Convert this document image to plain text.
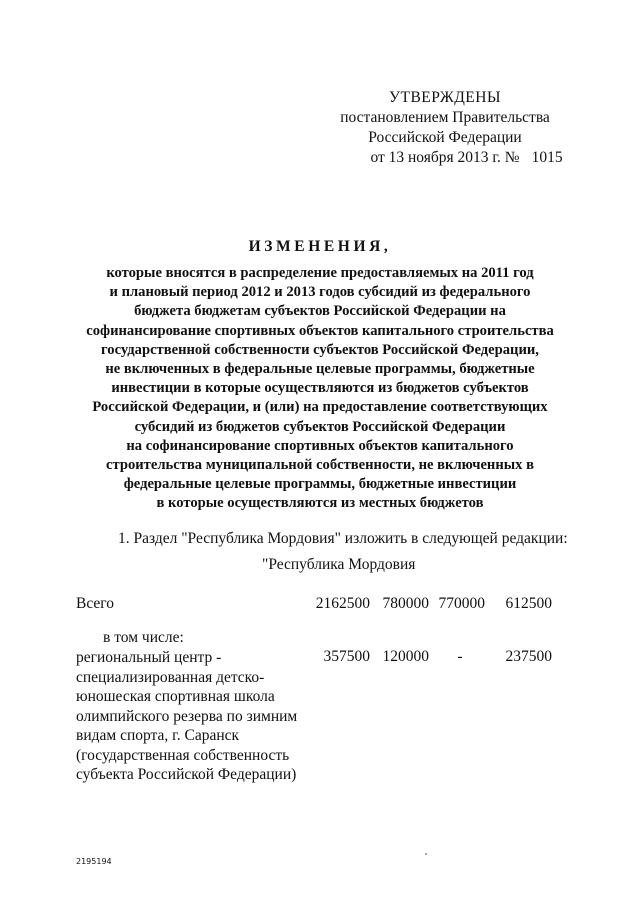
УТВЕРЖДЕНЫ
постановлением Правительства
Российской Федерации
от 13 ноября 2013 г. № 1015
ИЗМЕНЕНИЯ,
которые вносятся в распределение предоставляемых на 2011 год
и плановый период 2012 и 2013 годов субсидий из федерального
бюджета бюджетам субъектов Российской Федерации на
софинансирование спортивных объектов капитального строительства
государственной собственности субъектов Российской Федерации,
не включенных в федеральные целевые программы, бюджетные
инвестиции в которые осуществляются из бюджетов субъектов
Российской Федерации, и (или) на предоставление соответствующих
субсидий из бюджетов субъектов Российской Федерации
на софинансирование спортивных объектов капитального
строительства муниципальной собственности, не включенных в
федеральные целевые программы, бюджетные инвестиции
в которые осуществляются из местных бюджетов
1. Раздел "Республика Мордовия" изложить в следующей редакции:
"Республика Мордовия
Всего	2162500 780000 770000	612500
в том числе:
региональный центр -
специализированная детско-
юношеская спортивная школа
олимпийского резерва по зимним
видам спорта, г. Саранск
(государственная собственность
субъекта Российской Федерации)
357500 120000	-	237500
2195194
